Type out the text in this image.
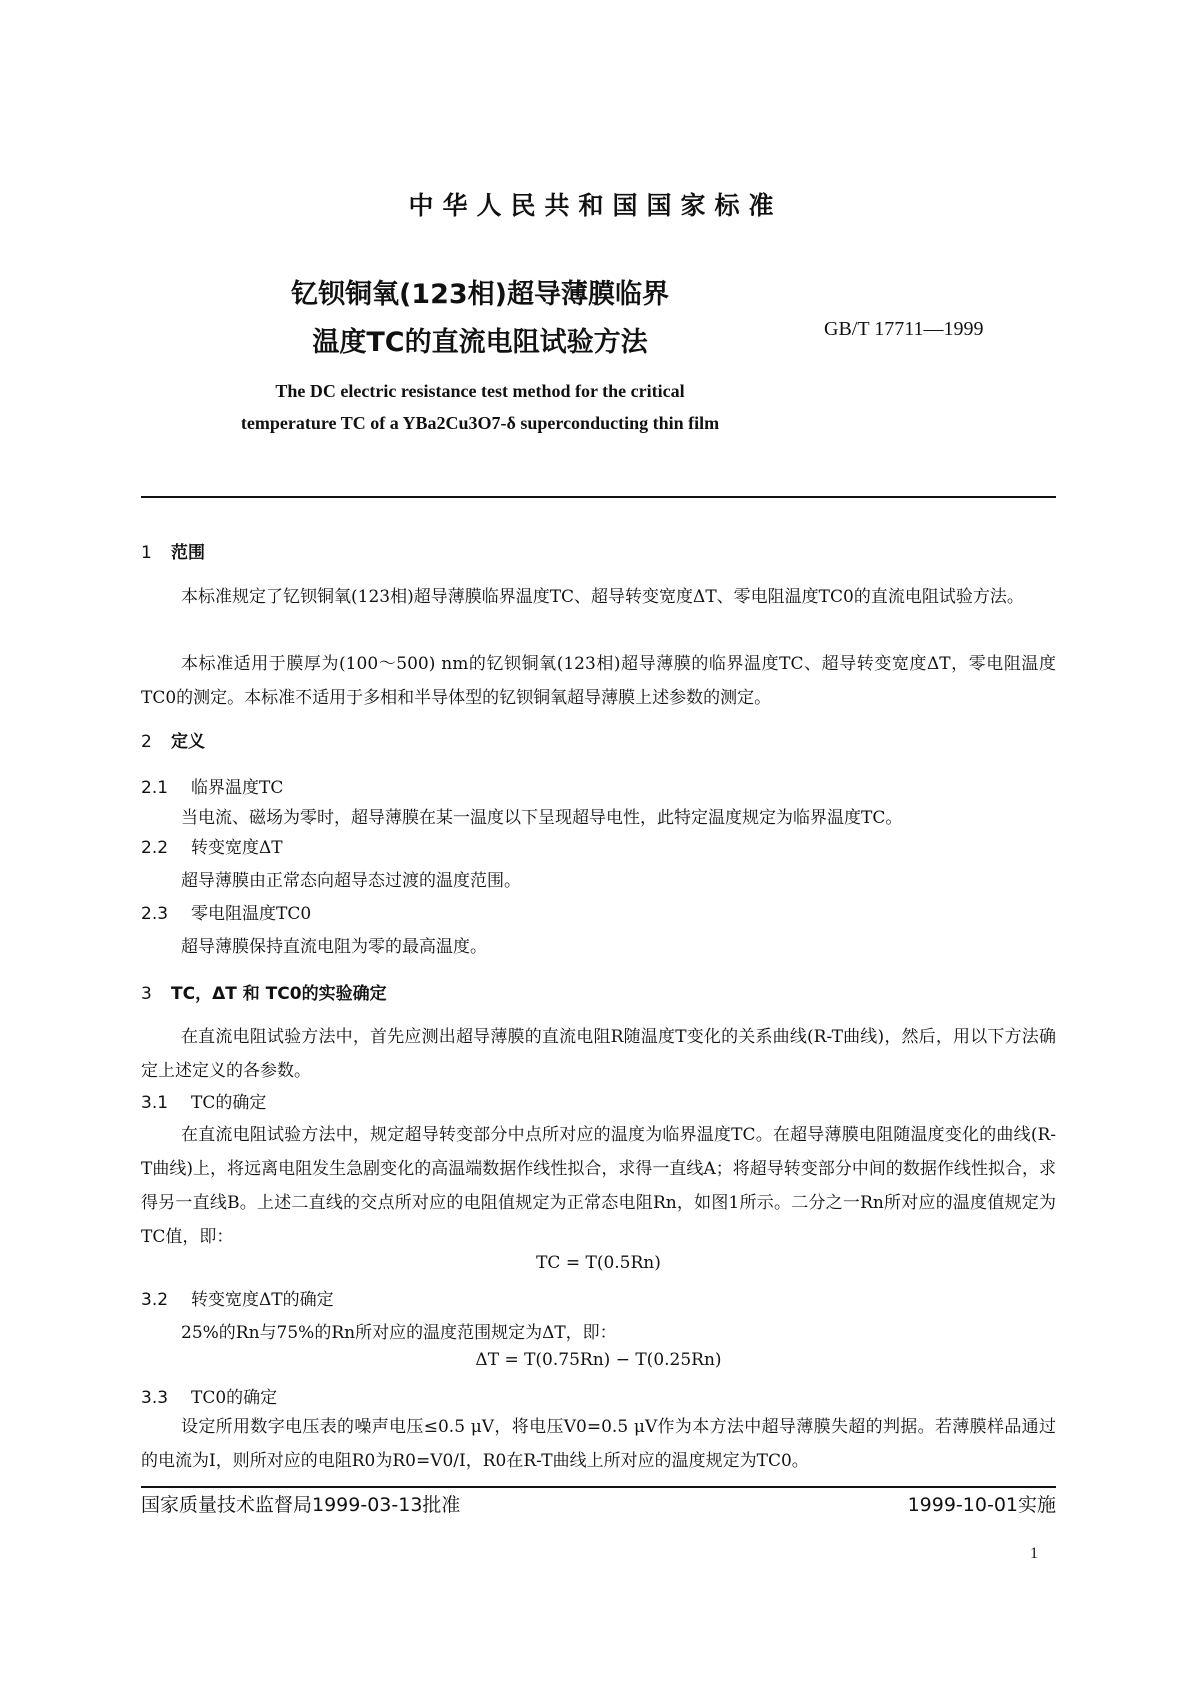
中华人民共和国国家标准
钇钡铜氧(123相)超导薄膜临界
温度TC的直流电阻试验方法	GB/T 17711—1999
The DC electric resistance test method for the critical
temperature TC of a YBa2Cu3O7-δ superconducting thin film
1 范围
本标准规定了钇钡铜氧(123相)超导薄膜临界温度TC、超导转变宽度ΔT、零电阻温度TC0的直流电阻试验方法。
本标准适用于膜厚为(100～500) nm的钇钡铜氧(123相)超导薄膜的临界温度TC、超导转变宽度ΔT，零电阻温度TC0的测定。本标准不适用于多相和半导体型的钇钡铜氧超导薄膜上述参数的测定。
2 定义
2.1 临界温度TC
当电流、磁场为零时，超导薄膜在某一温度以下呈现超导电性，此特定温度规定为临界温度TC。
2.2 转变宽度ΔT
超导薄膜由正常态向超导态过渡的温度范围。
2.3 零电阻温度TC0
超导薄膜保持直流电阻为零的最高温度。
3 TC，ΔT 和 TC0的实验确定
在直流电阻试验方法中，首先应测出超导薄膜的直流电阻R随温度T变化的关系曲线(R-T曲线)，然后，用以下方法确定上述定义的各参数。
3.1 TC的确定
在直流电阻试验方法中，规定超导转变部分中点所对应的温度为临界温度TC。在超导薄膜电阻随温度变化的曲线(R-T曲线)上，将远离电阻发生急剧变化的高温端数据作线性拟合，求得一直线A；将超导转变部分中间的数据作线性拟合，求得另一直线B。上述二直线的交点所对应的电阻值规定为正常态电阻Rn，如图1所示。二分之一Rn所对应的温度值规定为TC值，即：
TC = T(0.5Rn)
3.2 转变宽度ΔT的确定
25%的Rn与75%的Rn所对应的温度范围规定为ΔT，即：
ΔT = T(0.75Rn) − T(0.25Rn)
3.3 TC0的确定
设定所用数字电压表的噪声电压≤0.5 μV，将电压V0=0.5 μV作为本方法中超导薄膜失超的判据。若薄膜样品通过的电流为I，则所对应的电阻R0为R0=V0/I，R0在R-T曲线上所对应的温度规定为TC0。
国家质量技术监督局1999-03-13批准	1999-10-01实施
1
